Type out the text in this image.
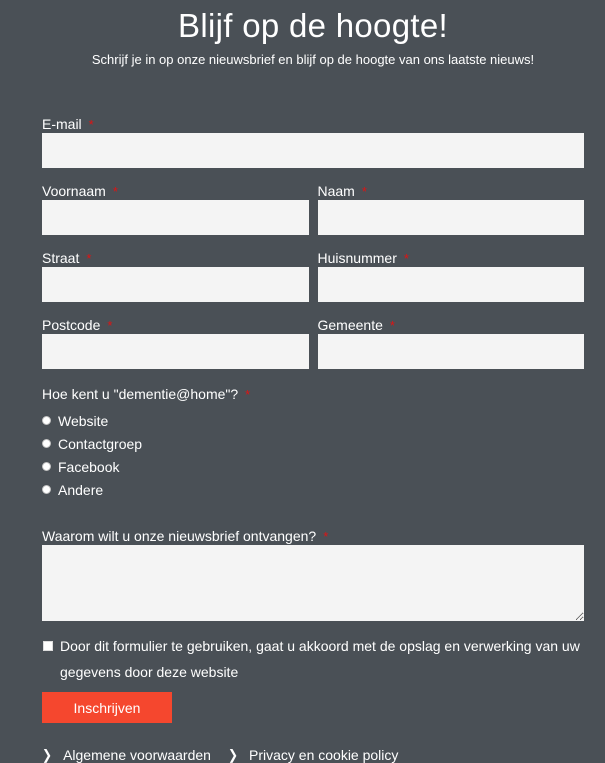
Blijf op de hoogte!

Schrijf je in op onze nieuwsbrief en blijf op de hoogte van ons laatste nieuws!

E-mail *
Voornaam *	Naam *
Straat *	Huisnummer *
Postcode *	Gemeente *
Hoe kent u "dementie@home"? *
Website
Contactgroep
Facebook
Andere
Waarom wilt u onze nieuwsbrief ontvangen? *
Door dit formulier te gebruiken, gaat u akkoord met de opslag en verwerking van uw gegevens door deze website
Inschrijven
❯ Algemene voorwaarden ❯ Privacy en cookie policy
